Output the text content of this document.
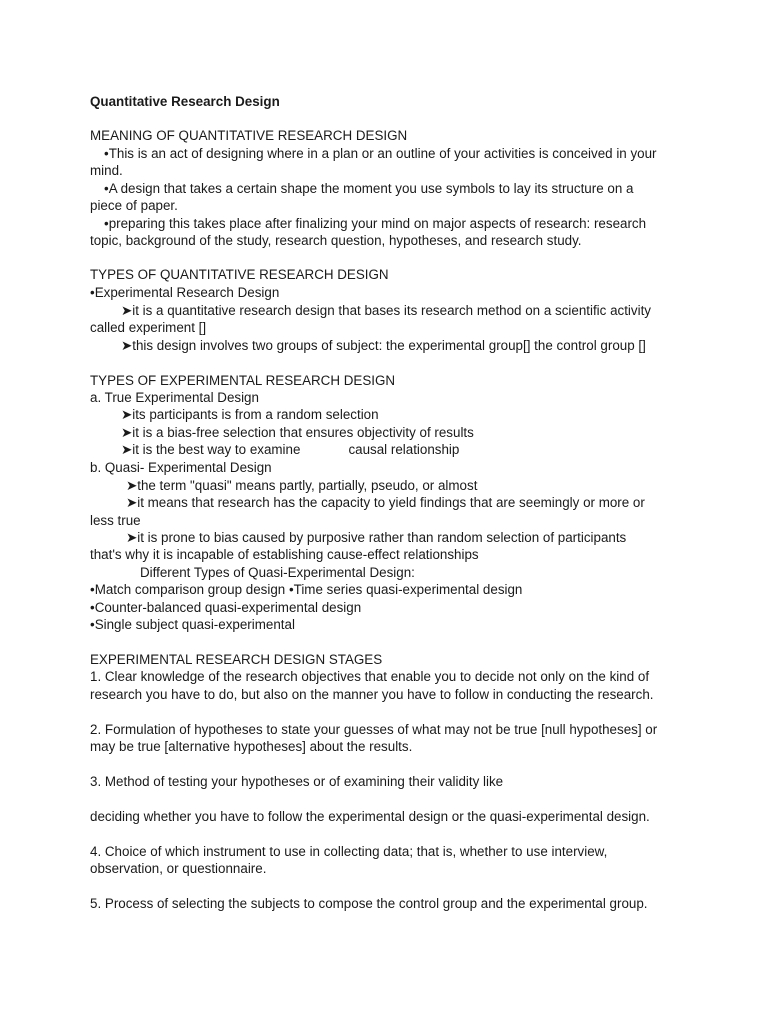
Quantitative Research Design
MEANING OF QUANTITATIVE RESEARCH DESIGN
•This is an act of designing where in a plan or an outline of your activities is conceived in your
mind.
•A design that takes a certain shape the moment you use symbols to lay its structure on a
piece of paper.
•preparing this takes place after finalizing your mind on major aspects of research: research
topic, background of the study, research question, hypotheses, and research study.
TYPES OF QUANTITATIVE RESEARCH DESIGN
•Experimental Research Design
➤it is a quantitative research design that bases its research method on a scientific activity
called experiment []
➤this design involves two groups of subject: the experimental group[] the control group []
TYPES OF EXPERIMENTAL RESEARCH DESIGN
a. True Experimental Design
➤its participants is from a random selection
➤it is a bias-free selection that ensures objectivity of results
➤it is the best way to examine	causal relationship
b. Quasi- Experimental Design
➤the term "quasi" means partly, partially, pseudo, or almost
➤it means that research has the capacity to yield findings that are seemingly or more or
less true
➤it is prone to bias caused by purposive rather than random selection of participants
that's why it is incapable of establishing cause-effect relationships
Different Types of Quasi-Experimental Design:
•Match comparison group design •Time series quasi-experimental design
•Counter-balanced quasi-experimental design
•Single subject quasi-experimental
EXPERIMENTAL RESEARCH DESIGN STAGES
1. Clear knowledge of the research objectives that enable you to decide not only on the kind of
research you have to do, but also on the manner you have to follow in conducting the research.
2. Formulation of hypotheses to state your guesses of what may not be true [null hypotheses] or
may be true [alternative hypotheses] about the results.
3. Method of testing your hypotheses or of examining their validity like
deciding whether you have to follow the experimental design or the quasi-experimental design.
4. Choice of which instrument to use in collecting data; that is, whether to use interview,
observation, or questionnaire.
5. Process of selecting the subjects to compose the control group and the experimental group.
